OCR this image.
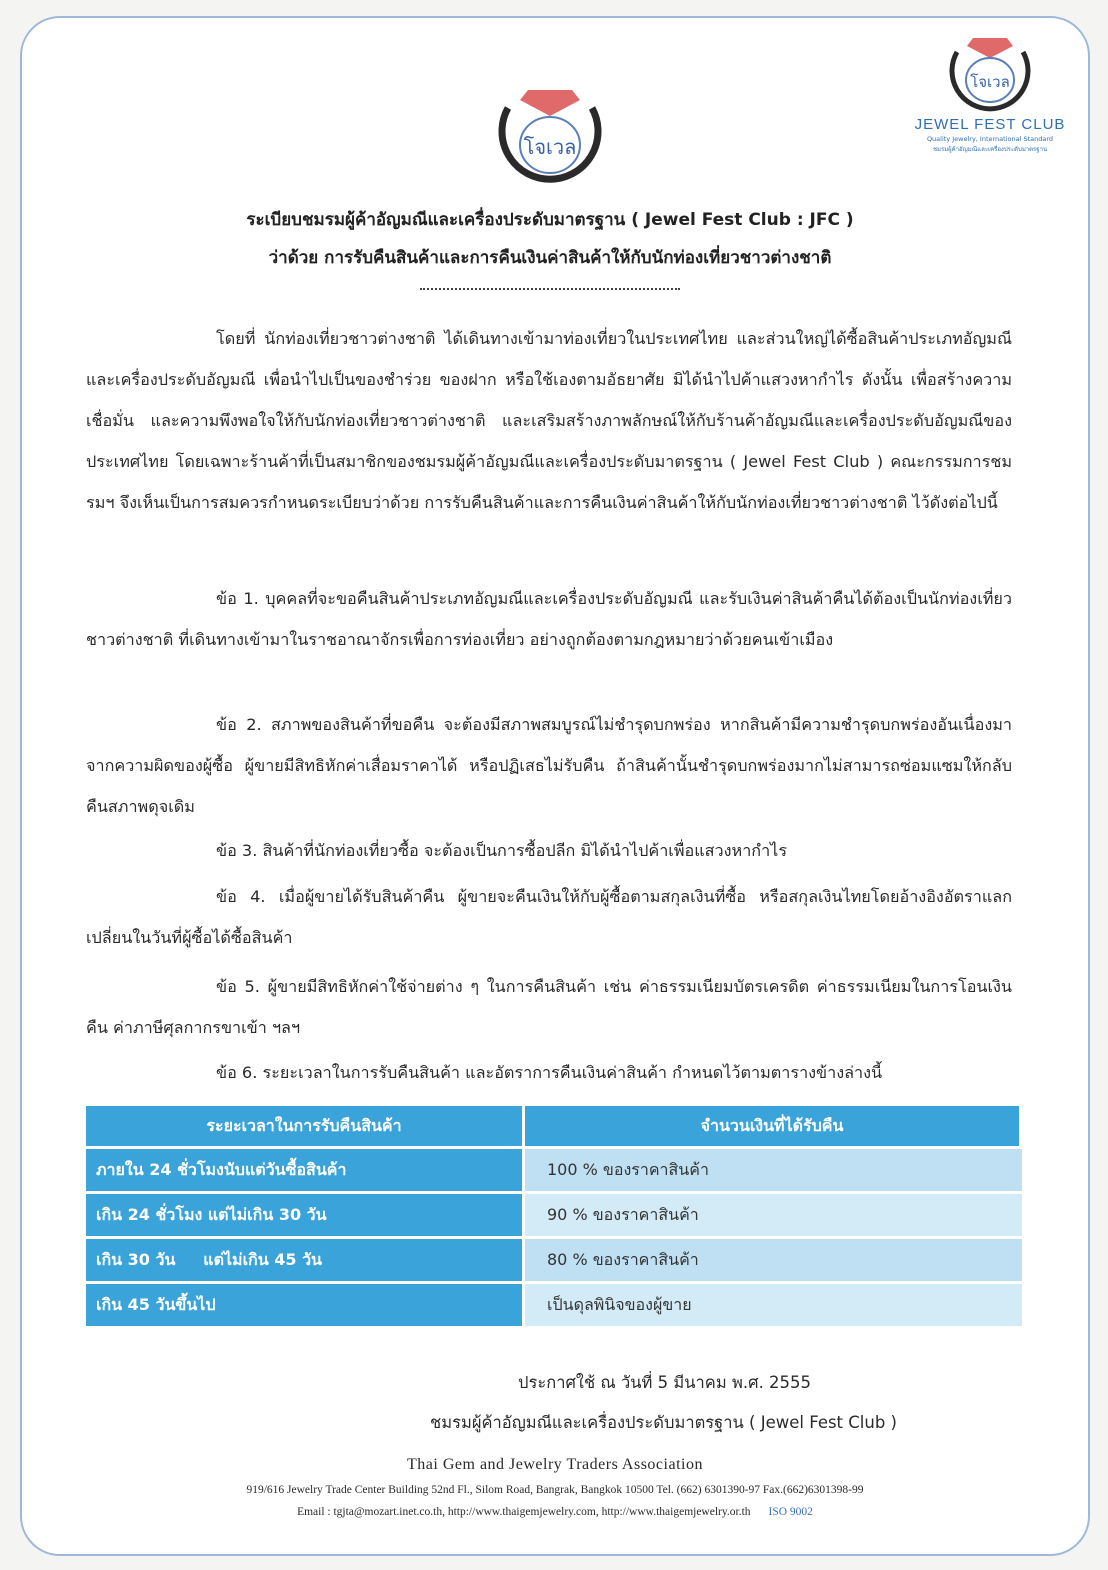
โจเวล
โจเวล
JEWEL FEST CLUB
Quality Jewelry, International Standard
ชมรมผู้ค้าอัญมณีและเครื่องประดับมาตรฐาน
ระเบียบชมรมผู้ค้าอัญมณีและเครื่องประดับมาตรฐาน ( Jewel Fest Club : JFC )
ว่าด้วย การรับคืนสินค้าและการคืนเงินค่าสินค้าให้กับนักท่องเที่ยวชาวต่างชาติ
โดยที่ นักท่องเที่ยวชาวต่างชาติ ได้เดินทางเข้ามาท่องเที่ยวในประเทศไทย และส่วนใหญ่ได้ซื้อสินค้าประเภทอัญมณี และเครื่องประดับอัญมณี เพื่อนำไปเป็นของชำร่วย ของฝาก หรือใช้เองตามอัธยาศัย มิได้นำไปค้าแสวงหากำไร ดังนั้น เพื่อสร้างความเชื่อมั่น และความพึงพอใจให้กับนักท่องเที่ยวชาวต่างชาติ และเสริมสร้างภาพลักษณ์ให้กับร้านค้าอัญมณีและเครื่องประดับอัญมณีของประเทศไทย โดยเฉพาะร้านค้าที่เป็นสมาชิกของชมรมผู้ค้าอัญมณีและเครื่องประดับมาตรฐาน ( Jewel Fest Club ) คณะกรรมการชมรมฯ จึงเห็นเป็นการสมควรกำหนดระเบียบว่าด้วย การรับคืนสินค้าและการคืนเงินค่าสินค้าให้กับนักท่องเที่ยวชาวต่างชาติ ไว้ดังต่อไปนี้
ข้อ 1. บุคคลที่จะขอคืนสินค้าประเภทอัญมณีและเครื่องประดับอัญมณี และรับเงินค่าสินค้าคืนได้ต้องเป็นนักท่องเที่ยวชาวต่างชาติ ที่เดินทางเข้ามาในราชอาณาจักรเพื่อการท่องเที่ยว อย่างถูกต้องตามกฎหมายว่าด้วยคนเข้าเมือง
ข้อ 2. สภาพของสินค้าที่ขอคืน จะต้องมีสภาพสมบูรณ์ไม่ชำรุดบกพร่อง หากสินค้ามีความชำรุดบกพร่องอันเนื่องมาจากความผิดของผู้ซื้อ ผู้ขายมีสิทธิหักค่าเสื่อมราคาได้ หรือปฏิเสธไม่รับคืน ถ้าสินค้านั้นชำรุดบกพร่องมากไม่สามารถซ่อมแซมให้กลับคืนสภาพดุจเดิม
ข้อ 3. สินค้าที่นักท่องเที่ยวซื้อ จะต้องเป็นการซื้อปลีก มิได้นำไปค้าเพื่อแสวงหากำไร
ข้อ 4. เมื่อผู้ขายได้รับสินค้าคืน ผู้ขายจะคืนเงินให้กับผู้ซื้อตามสกุลเงินที่ซื้อ หรือสกุลเงินไทยโดยอ้างอิงอัตราแลกเปลี่ยนในวันที่ผู้ซื้อได้ซื้อสินค้า
ข้อ 5. ผู้ขายมีสิทธิหักค่าใช้จ่ายต่าง ๆ ในการคืนสินค้า เช่น ค่าธรรมเนียมบัตรเครดิต ค่าธรรมเนียมในการโอนเงินคืน ค่าภาษีศุลกากรขาเข้า ฯลฯ
ข้อ 6. ระยะเวลาในการรับคืนสินค้า และอัตราการคืนเงินค่าสินค้า กำหนดไว้ตามตารางข้างล่างนี้
ระยะเวลาในการรับคืนสินค้า	จำนวนเงินที่ได้รับคืน
ภายใน 24 ชั่วโมงนับแต่วันซื้อสินค้า	100 % ของราคาสินค้า
เกิน 24 ชั่วโมง แต่ไม่เกิน 30 วัน	90 % ของราคาสินค้า
เกิน 30 วัน     แต่ไม่เกิน 45 วัน	80 % ของราคาสินค้า
เกิน 45 วันขึ้นไป	เป็นดุลพินิจของผู้ขาย
ประกาศใช้ ณ วันที่ 5 มีนาคม พ.ศ. 2555
ชมรมผู้ค้าอัญมณีและเครื่องประดับมาตรฐาน ( Jewel Fest Club )
Thai Gem and Jewelry Traders Association
919/616 Jewelry Trade Center Building 52nd Fl., Silom Road, Bangrak, Bangkok 10500 Tel. (662) 6301390-97 Fax.(662)6301398-99
Email : tgjta@mozart.inet.co.th, http://www.thaigemjewelry.com, http://www.thaigemjewelry.or.th ISO 9002
